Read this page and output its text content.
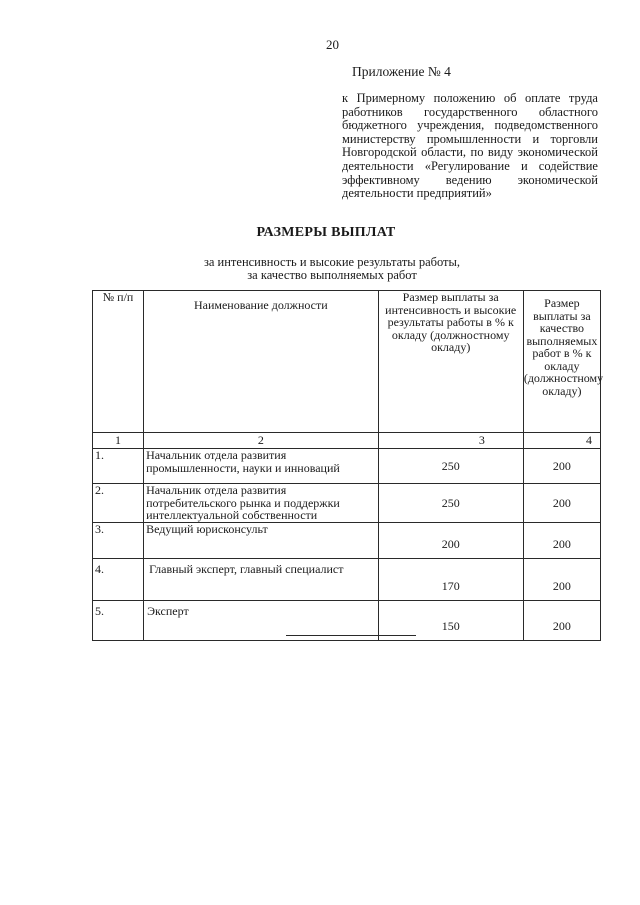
20
Приложение № 4
к Примерному положению об оплате труда работников государственного областного бюджетного учреждения, подведомственного министерству промышленности и торговли Новгородской области, по виду экономической деятельности «Регулирование и содействие эффективному ведению экономической деятельности предприятий»
РАЗМЕРЫ ВЫПЛАТ
за интенсивность и высокие результаты работы,
за качество выполняемых работ
№ п/п	Наименование должности	Размер выплаты за интенсивность и высокие результаты работы в % к окладу (должностному окладу)	Размер выплаты за качество выполняемых работ в % к окладу (должностному окладу)
1	2	3	4
1.	Начальник отдела развития промышленности, науки и инноваций	250	200
2.	Начальник отдела развития потребительского рынка и поддержки интеллектуальной собственности	250	200
3.	Ведущий юрисконсульт	200	200
4.	Главный эксперт, главный специалист	170	200
5.	Эксперт	150	200
